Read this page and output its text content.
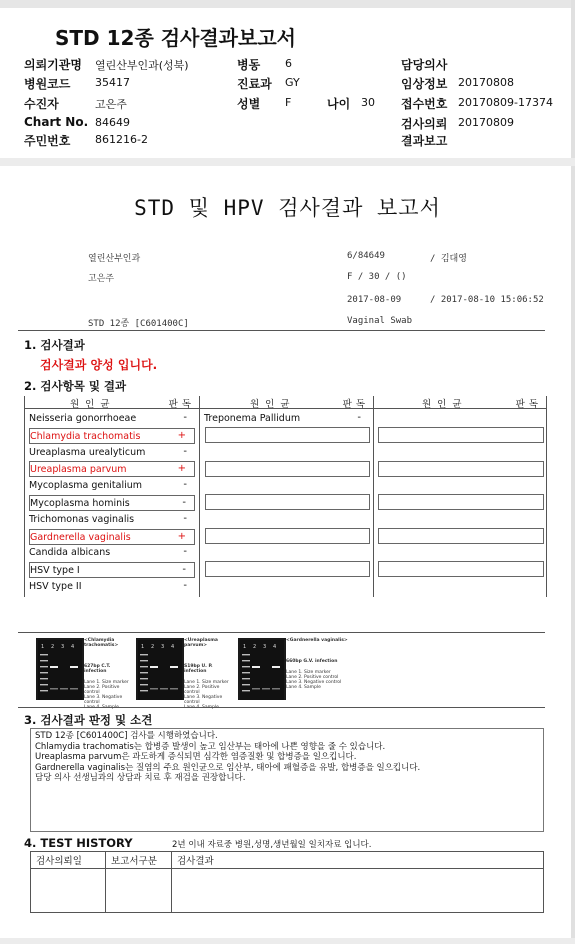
STD 12종 검사결과보고서
의뢰기관명 열린산부인과(성북)
병원코드 35417
수진자	고은주
Chart No. 84649
주민번호 861216-2
병동 6
진료과 GY
성별 F	나이 30
담당의사
임상정보 20170808
접수번호 20170809-17374
검사의뢰 20170809
결과보고
STD 및 HPV 검사결과 보고서
열린산부인과	6/84649	/ 김대영
고은주	F / 30 / ()
2017-08-09	/ 2017-08-10 15:06:52
STD 12종 [C601400C]	Vaginal Swab
1. 검사결과
검사결과 양성 입니다.
2. 검사항목 및 결과
원인균	판독
Neisseria gonorrhoeae	-
Chlamydia trachomatis	+
Ureaplasma urealyticum	-
Ureaplasma parvum	+
Mycoplasma genitalium	-
Mycoplasma hominis	-
Trichomonas vaginalis	-
Gardnerella vaginalis	+
Candida albicans	-
HSV type I	-
HSV type II	-
원인균	판독
Treponema Pallidum	-
원인균	판독
1 2 3 4
<Chlamydia trachomatis>
627bp C.T. infection
Lane 1. Size marker
Lane 2. Positive control
Lane 3. Negative control
1 2 3 4
<Ureaplasma parvum>
S19bp U. P. infection
Lane 1. Size marker
Lane 2. Positive control
Lane 3. Negative control
1 2 3 4
<Gardnerella vaginalis>
660bp G.V. infection
Lane 1. Size marker
Lane 2. Positive control
Lane 3. Negative control
Lane 4. Sample
3. 검사결과 판정 및 소견
STD 12종 [C601400C] 검사를 시행하였습니다.
Chlamydia trachomatis는 합병증 발생이 높고 임산부는 태아에 나쁜 영향을 줄 수 있습니다.
Ureaplasma parvum은 과도하게 증식되면 심각한 염증질환 및 합병증을 일으킵니다.
Gardnerella vaginalis는 질염의 주요 원인균으로 임산부, 태아에 패혈증을 유발, 합병증을 일으킵니다.
담당 의사 선생님과의 상담과 치료 후 재검을 권장합니다.
4. TEST HISTORY	2년 이내 자료중 병원,성명,생년월일 일치자료 입니다.
검사의뢰일	보고서구분	검사결과
